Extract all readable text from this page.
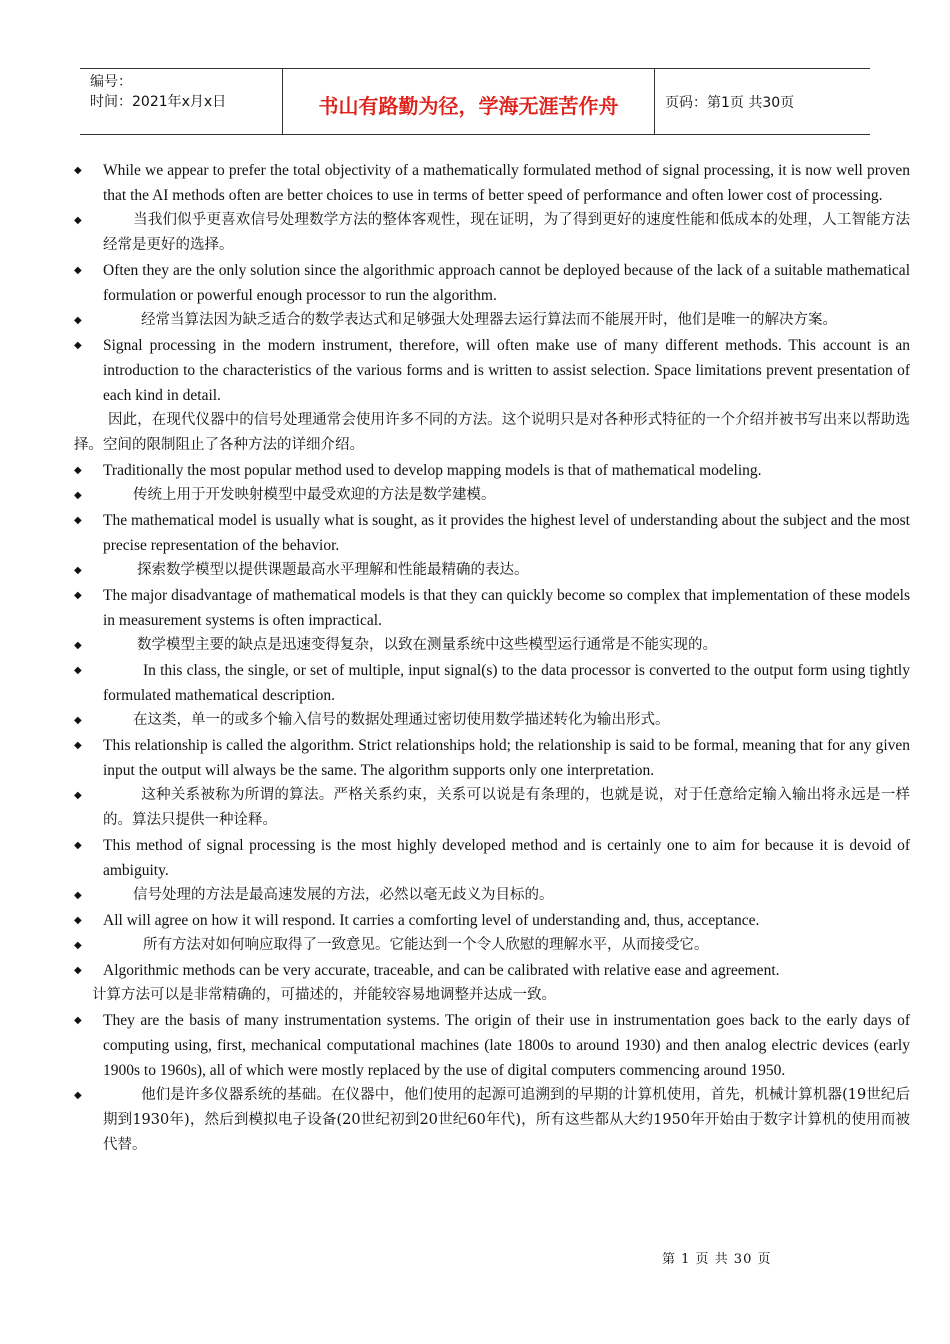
编号：
时间：2021年x月x日	书山有路勤为径，学海无涯苦作舟	页码：第1页 共30页
◆ While we appear to prefer the total objectivity of a mathematically formulated method of signal processing, it is now well proven that the AI methods often are better choices to use in terms of better speed of performance and often lower cost of processing.
◆	当我们似乎更喜欢信号处理数学方法的整体客观性，现在证明，为了得到更好的速度性能和低成本的处理，人工智能方法经常是更好的选择。
◆ Often they are the only solution since the algorithmic approach cannot be deployed because of the lack of a suitable mathematical formulation or powerful enough processor to run the algorithm.
◆	经常当算法因为缺乏适合的数学表达式和足够强大处理器去运行算法而不能展开时，他们是唯一的解决方案。
◆ Signal processing in the modern instrument, therefore, will often make use of many different methods. This account is an introduction to the characteristics of the various forms and is written to assist selection. Space limitations prevent presentation of each kind in detail.
因此，在现代仪器中的信号处理通常会使用许多不同的方法。这个说明只是对各种形式特征的一个介绍并被书写出来以帮助选择。空间的限制阻止了各种方法的详细介绍。
◆ Traditionally the most popular method used to develop mapping models is that of mathematical modeling.
◆	传统上用于开发映射模型中最受欢迎的方法是数学建模。
◆ The mathematical model is usually what is sought, as it provides the highest level of understanding about the subject and the most precise representation of the behavior.
◆	探索数学模型以提供课题最高水平理解和性能最精确的表达。
◆ The major disadvantage of mathematical models is that they can quickly become so complex that implementation of these models in measurement systems is often impractical.
◆	数学模型主要的缺点是迅速变得复杂，以致在测量系统中这些模型运行通常是不能实现的。
◆	In this class, the single, or set of multiple, input signal(s) to the data processor is converted to the output form using tightly formulated mathematical description.
◆	在这类，单一的或多个输入信号的数据处理通过密切使用数学描述转化为输出形式。
◆ This relationship is called the algorithm. Strict relationships hold; the relationship is said to be formal, meaning that for any given input the output will always be the same. The algorithm supports only one interpretation.
◆	这种关系被称为所谓的算法。严格关系约束，关系可以说是有条理的，也就是说，对于任意给定输入输出将永远是一样的。算法只提供一种诠释。
◆ This method of signal processing is the most highly developed method and is certainly one to aim for because it is devoid of ambiguity.
◆	信号处理的方法是最高速发展的方法，必然以毫无歧义为目标的。
◆ All will agree on how it will respond. It carries a comforting level of understanding and, thus, acceptance.
◆	所有方法对如何响应取得了一致意见。它能达到一个令人欣慰的理解水平，从而接受它。
◆ Algorithmic methods can be very accurate, traceable, and can be calibrated with relative ease and agreement.
计算方法可以是非常精确的，可描述的，并能较容易地调整并达成一致。
◆ They are the basis of many instrumentation systems. The origin of their use in instrumentation goes back to the early days of computing using, first, mechanical computational machines (late 1800s to around 1930) and then analog electric devices (early 1900s to 1960s), all of which were mostly replaced by the use of digital computers commencing around 1950.
◆	他们是许多仪器系统的基础。在仪器中，他们使用的起源可追溯到的早期的计算机使用，首先，机械计算机器(19世纪后期到1930年)，然后到模拟电子设备(20世纪初到20世纪60年代)，所有这些都从大约1950年开始由于数字计算机的使用而被代替。
第 1 页 共 30 页
